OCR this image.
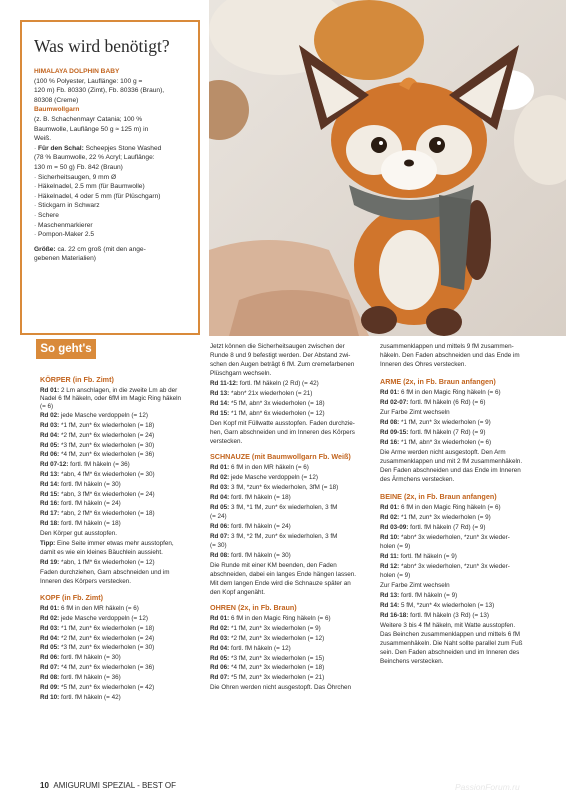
Was wird benötigt?

HIMALAYA DOLPHIN BABY

(100 % Polyester, Lauflänge: 100 g =

120 m) Fb. 80330 (Zimt), Fb. 80336 (Braun),

80308 (Creme)

Baumwollgarn

(z. B. Schachenmayr Catania; 100 %

Baumwolle, Lauflänge 50 g ≈ 125 m) in

Weiß.

· Für den Schal: Scheepjes Stone Washed

(78 % Baumwolle, 22 % Acryl; Lauflänge:

130 m = 50 g) Fb. 842 (Braun)

· Sicherheitsaugen, 9 mm Ø

· Häkelnadel, 2.5 mm (für Baumwolle)

· Häkelnadel, 4 oder 5 mm (für Plüschgarn)

· Stickgarn in Schwarz

· Schere

· Maschenmarkierer

· Pompon-Maker 2.5

Größe: ca. 22 cm groß (mit den ange-

gebenen Materialien)

So geht's
KÖRPER (in Fb. Zimt)
Rd 01: 2 Lm anschlagen, in die zweite Lm ab der
Nadel 6 fM häkeln, oder 6fM im Magic Ring häkeln
(= 6)
Rd 02: jede Masche verdoppeln (= 12)
Rd 03: *1 fM, zun* 6x wiederholen (= 18)
Rd 04: *2 fM, zun* 6x wiederholen (= 24)
Rd 05: *3 fM, zun* 6x wiederholen (= 30)
Rd 06: *4 fM, zun* 6x wiederholen (= 36)
Rd 07-12: fortl. fM häkeln (= 36)
Rd 13: *abn, 4 fM* 6x wiederholen (= 30)
Rd 14: fortl. fM häkeln (= 30)
Rd 15: *abn, 3 fM* 6x wiederholen (= 24)
Rd 16: fortl. fM häkeln (= 24)
Rd 17: *abn, 2 fM* 6x wiederholen (= 18)
Rd 18: fortl. fM häkeln (= 18)
Den Körper gut ausstopfen.
Tipp: Eine Seite immer etwas mehr ausstopfen,
damit es wie ein kleines Bäuchlein aussieht.
Rd 19: *abn, 1 fM* 6x wiederholen (= 12)
Faden durchziehen, Garn abschneiden und im
Inneren des Körpers verstecken.
KOPF (in Fb. Zimt)
Rd 01: 6 fM in den MR häkeln (= 6)
Rd 02: jede Masche verdoppeln (= 12)
Rd 03: *1 fM, zun* 6x wiederholen (= 18)
Rd 04: *2 fM, zun* 6x wiederholen (= 24)
Rd 05: *3 fM, zun* 6x wiederholen (= 30)
Rd 06: fortl. fM häkeln (= 30)
Rd 07: *4 fM, zun* 6x wiederholen (= 36)
Rd 08: fortl. fM häkeln (= 36)
Rd 09: *5 fM, zun* 6x wiederholen (= 42)
Rd 10: fortl. fM häkeln (= 42)
Jetzt können die Sicherheitsaugen zwischen der
Runde 8 und 9 befestigt werden. Der Abstand zwi-
schen den Augen beträgt 6 fM. Zum cremefarbenen
Plüschgarn wechseln.
Rd 11-12: fortl. fM häkeln (2 Rd) (= 42)
Rd 13: *abn* 21x wiederholen (= 21)
Rd 14: *5 fM, abn* 3x wiederholen (= 18)
Rd 15: *1 fM, abn* 6x wiederholen (= 12)
Den Kopf mit Füllwatte ausstopfen. Faden durchzie-
hen, Garn abschneiden und im Inneren des Körpers
verstecken.
SCHNAUZE (mit Baumwollgarn Fb. Weiß)
Rd 01: 6 fM in den MR häkeln (= 6)
Rd 02: jede Masche verdoppeln (= 12)
Rd 03: 3 fM, *zun* 6x wiederholen, 3fM (= 18)
Rd 04: fortl. fM häkeln (= 18)
Rd 05: 3 fM, *1 fM, zun* 6x wiederholen, 3 fM
(= 24)
Rd 06: fortl. fM häkeln (= 24)
Rd 07: 3 fM, *2 fM, zun* 6x wiederholen, 3 fM
(= 30)
Rd 08: fortl. fM häkeln (= 30)
Die Runde mit einer KM beenden, den Faden
abschneiden, dabei ein langes Ende hängen lassen.
Mit dem langen Ende wird die Schnauze später an
den Kopf angenäht.
OHREN (2x, in Fb. Braun)
Rd 01: 6 fM in den Magic Ring häkeln (= 6)
Rd 02: *1 fM, zun* 3x wiederholen (= 9)
Rd 03: *2 fM, zun* 3x wiederholen (= 12)
Rd 04: fortl. fM häkeln (= 12)
Rd 05: *3 fM, zun* 3x wiederholen (= 15)
Rd 06: *4 fM, zun* 3x wiederholen (= 18)
Rd 07: *5 fM, zun* 3x wiederholen (= 21)
Die Ohren werden nicht ausgestopft. Das Öhrchen
zusammenklappen und mittels 9 fM zusammen-
häkeln. Den Faden abschneiden und das Ende im
Inneren des Ohres verstecken.
ARME (2x, in Fb. Braun anfangen)
Rd 01: 6 fM in den Magic Ring häkeln (= 6)
Rd 02-07: fortl. fM häkeln (6 Rd) (= 6)
Zur Farbe Zimt wechseln
Rd 08: *1 fM, zun* 3x wiederholen (= 9)
Rd 09-15: fortl. fM häkeln (7 Rd) (= 9)
Rd 16: *1 fM, abn* 3x wiederholen (= 6)
Die Arme werden nicht ausgestopft. Den Arm
zusammenklappen und mit 2 fM zusammenhäkeln.
Den Faden abschneiden und das Ende im Inneren
des Ärmchens verstecken.
BEINE (2x, in Fb. Braun anfangen)
Rd 01: 6 fM in den Magic Ring häkeln (= 6)
Rd 02: *1 fM, zun* 3x wiederholen (= 9)
Rd 03-09: fortl. fM häkeln (7 Rd) (= 9)
Rd 10: *abn* 3x wiederholen, *zun* 3x wieder-
holen (= 9)
Rd 11: fortl. fM häkeln (= 9)
Rd 12: *abn* 3x wiederholen, *zun* 3x wieder-
holen (= 9)
Zur Farbe Zimt wechseln
Rd 13: fortl. fM häkeln (= 9)
Rd 14: 5 fM, *zun* 4x wiederholen (= 13)
Rd 16-18: fortl. fM häkeln (3 Rd) (= 13)
Weitere 3 bis 4 fM häkeln, mit Watte ausstopfen.
Das Beinchen zusammenklappen und mittels 6 fM
zusammenhäkeln. Die Naht sollte parallel zum Fuß
sein. Den Faden abschneiden und im Inneren des
Beinchens verstecken.
10 AMIGURUMI SPEZIAL - BEST OF	PassionForum.ru
